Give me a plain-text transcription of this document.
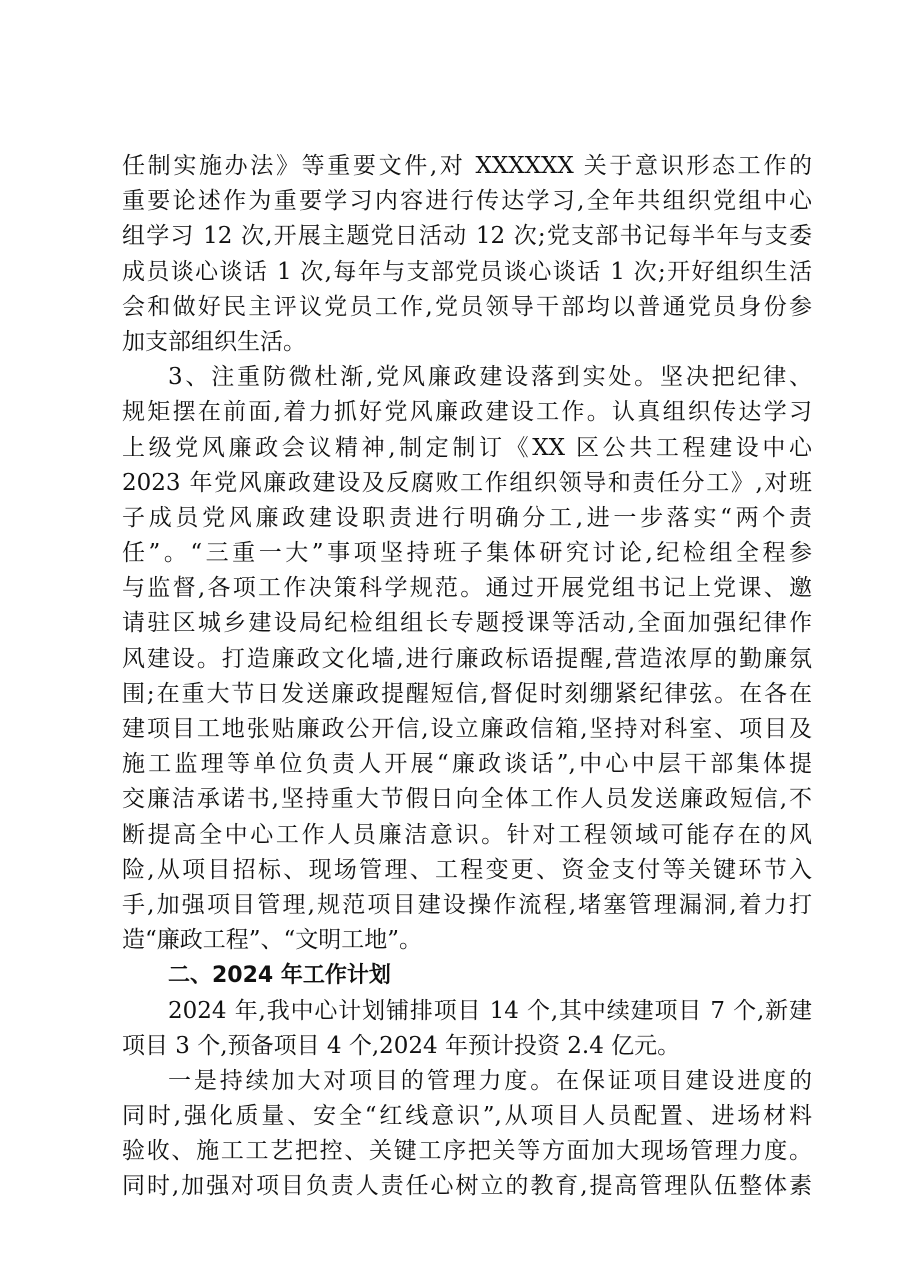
任制实施办法》等重要文件,对 XXXXXX 关于意识形态工作的
重要论述作为重要学习内容进行传达学习,全年共组织党组中心
组学习 12 次,开展主题党日活动 12 次;党支部书记每半年与支委
成员谈心谈话 1 次,每年与支部党员谈心谈话 1 次;开好组织生活
会和做好民主评议党员工作,党员领导干部均以普通党员身份参
加支部组织生活。
3、注重防微杜渐,党风廉政建设落到实处。坚决把纪律、
规矩摆在前面,着力抓好党风廉政建设工作。认真组织传达学习
上级党风廉政会议精神,制定制订《XX 区公共工程建设中心
2023 年党风廉政建设及反腐败工作组织领导和责任分工》,对班
子成员党风廉政建设职责进行明确分工,进一步落实“两个责
任”。“三重一大”事项坚持班子集体研究讨论,纪检组全程参
与监督,各项工作决策科学规范。通过开展党组书记上党课、邀
请驻区城乡建设局纪检组组长专题授课等活动,全面加强纪律作
风建设。打造廉政文化墙,进行廉政标语提醒,营造浓厚的勤廉氛
围;在重大节日发送廉政提醒短信,督促时刻绷紧纪律弦。在各在
建项目工地张贴廉政公开信,设立廉政信箱,坚持对科室、项目及
施工监理等单位负责人开展“廉政谈话”,中心中层干部集体提
交廉洁承诺书,坚持重大节假日向全体工作人员发送廉政短信,不
断提高全中心工作人员廉洁意识。针对工程领域可能存在的风
险,从项目招标、现场管理、工程变更、资金支付等关键环节入
手,加强项目管理,规范项目建设操作流程,堵塞管理漏洞,着力打
造“廉政工程”、“文明工地”。
二、2024 年工作计划
2024 年,我中心计划铺排项目 14 个,其中续建项目 7 个,新建
项目 3 个,预备项目 4 个,2024 年预计投资 2.4 亿元。
一是持续加大对项目的管理力度。在保证项目建设进度的
同时,强化质量、安全“红线意识”,从项目人员配置、进场材料
验收、施工工艺把控、关键工序把关等方面加大现场管理力度。
同时,加强对项目负责人责任心树立的教育,提高管理队伍整体素
